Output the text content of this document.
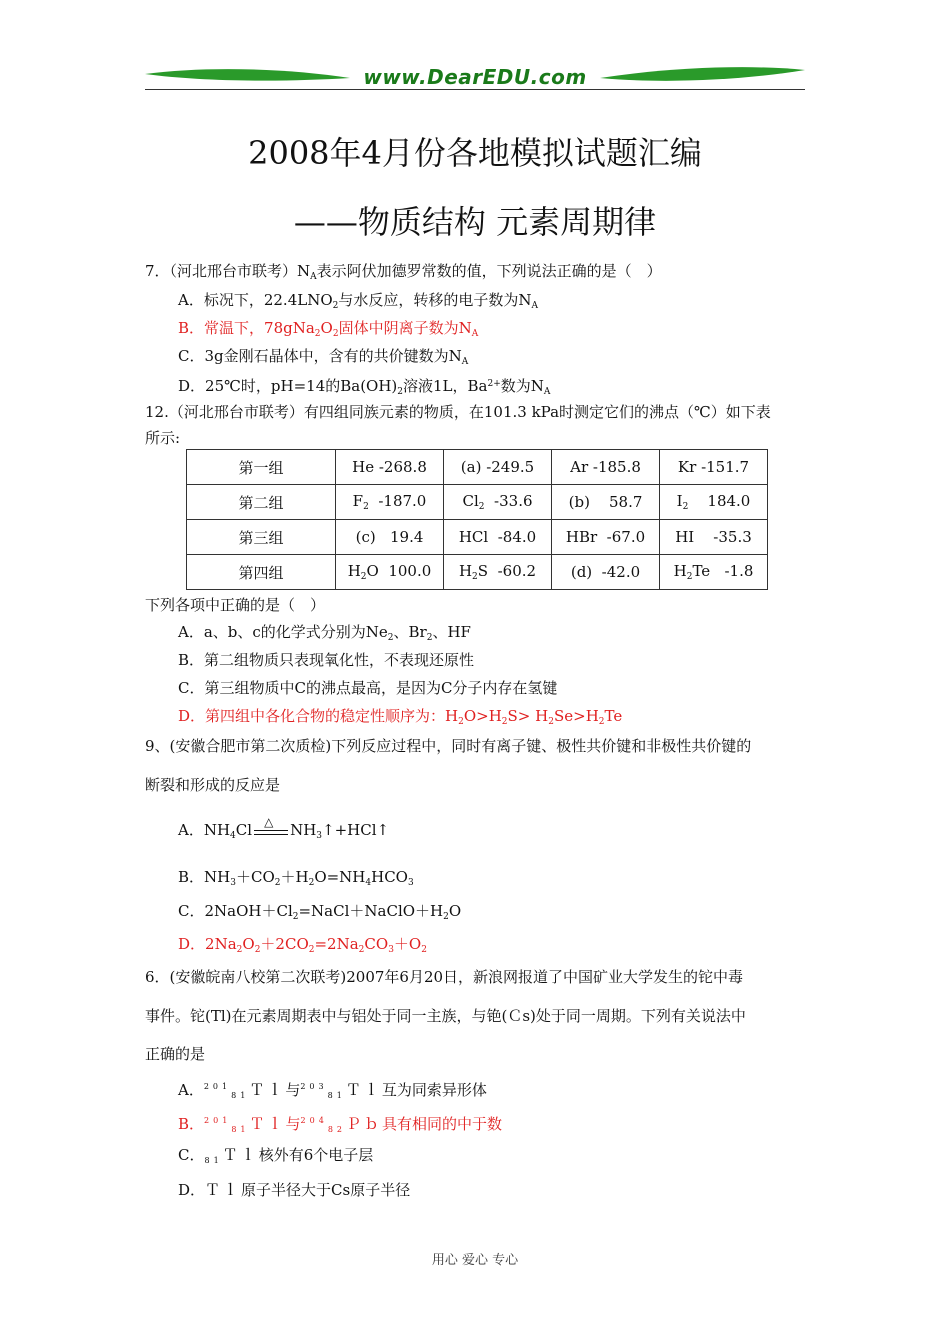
www.DearEDU.com
2008年4月份各地模拟试题汇编
——物质结构 元素周期律
7．（河北邢台市联考）$N_A$表示阿伏加德罗常数的值，下列说法正确的是（　）
A．标况下，$22.4LNO_2$与水反应，转移的电子数为$N_A$
B．常温下，$78gNa_2O_2$固体中阴离子数为$N_A$
C．3g金刚石晶体中，含有的共价键数为$N_A$
D．25℃时，pH=14的$Ba(OH)_2$溶液1L，$Ba^{2+}$数为$N_A$
12.（河北邢台市联考）有四组同族元素的物质，在101.3 kPa时测定它们的沸点（℃）如下表
所示:
第一组	He -268.8	(a) -249.5	Ar -185.8	Kr -151.7
第二组	$F_2$  -187.0	$Cl_2$  -33.6	(b)    58.7	$I_2$    184.0
第三组	(c)   19.4	HCl  -84.0	HBr  -67.0	HI    -35.3
第四组	$H_2O$  100.0	$H_2S$  -60.2	(d)  -42.0	$H_2Te$   -1.8
下列各项中正确的是（　）
A．a、b、c的化学式分别为$Ne_2$、$Br_2$、HF
B．第二组物质只表现氧化性，不表现还原性
C．第三组物质中C的沸点最高，是因为C分子内存在氢键
D．第四组中各化合物的稳定性顺序为：$H_2O>H_2S> H_2Se>H_2Te$
9、(安徽合肥市第二次质检)下列反应过程中，同时有离子键、极性共价键和非极性共价键的
断裂和形成的反应是
A．$NH_4Cl$ △ $NH_3↑+HCl↑$
B．$NH_3+CO_2+H_2O=NH_4HCO_3$
C．$2NaOH+Cl_2=NaCl+NaClO+H_2O$
D．$2Na_2O_2+2CO_2=2Na_2CO_3+O_2$
6．(安徽皖南八校第二次联考)2007年6月20日，新浪网报道了中国矿业大学发生的铊中毒
事件。铊(Tl)在元素周期表中与铝处于同一主族，与铯(Ｃs)处于同一周期。下列有关说法中
正确的是
A．$^{201}_{81}$Ｔｌ与$^{203}_{81}$Ｔｌ互为同索异形体
B．$^{201}_{81}$Ｔｌ与$^{204}_{82}$Ｐｂ具有相同的中于数
C．$_{81}$Ｔｌ核外有6个电子层
D．Ｔｌ原子半径大于Cs原子半径
用心 爱心 专心
